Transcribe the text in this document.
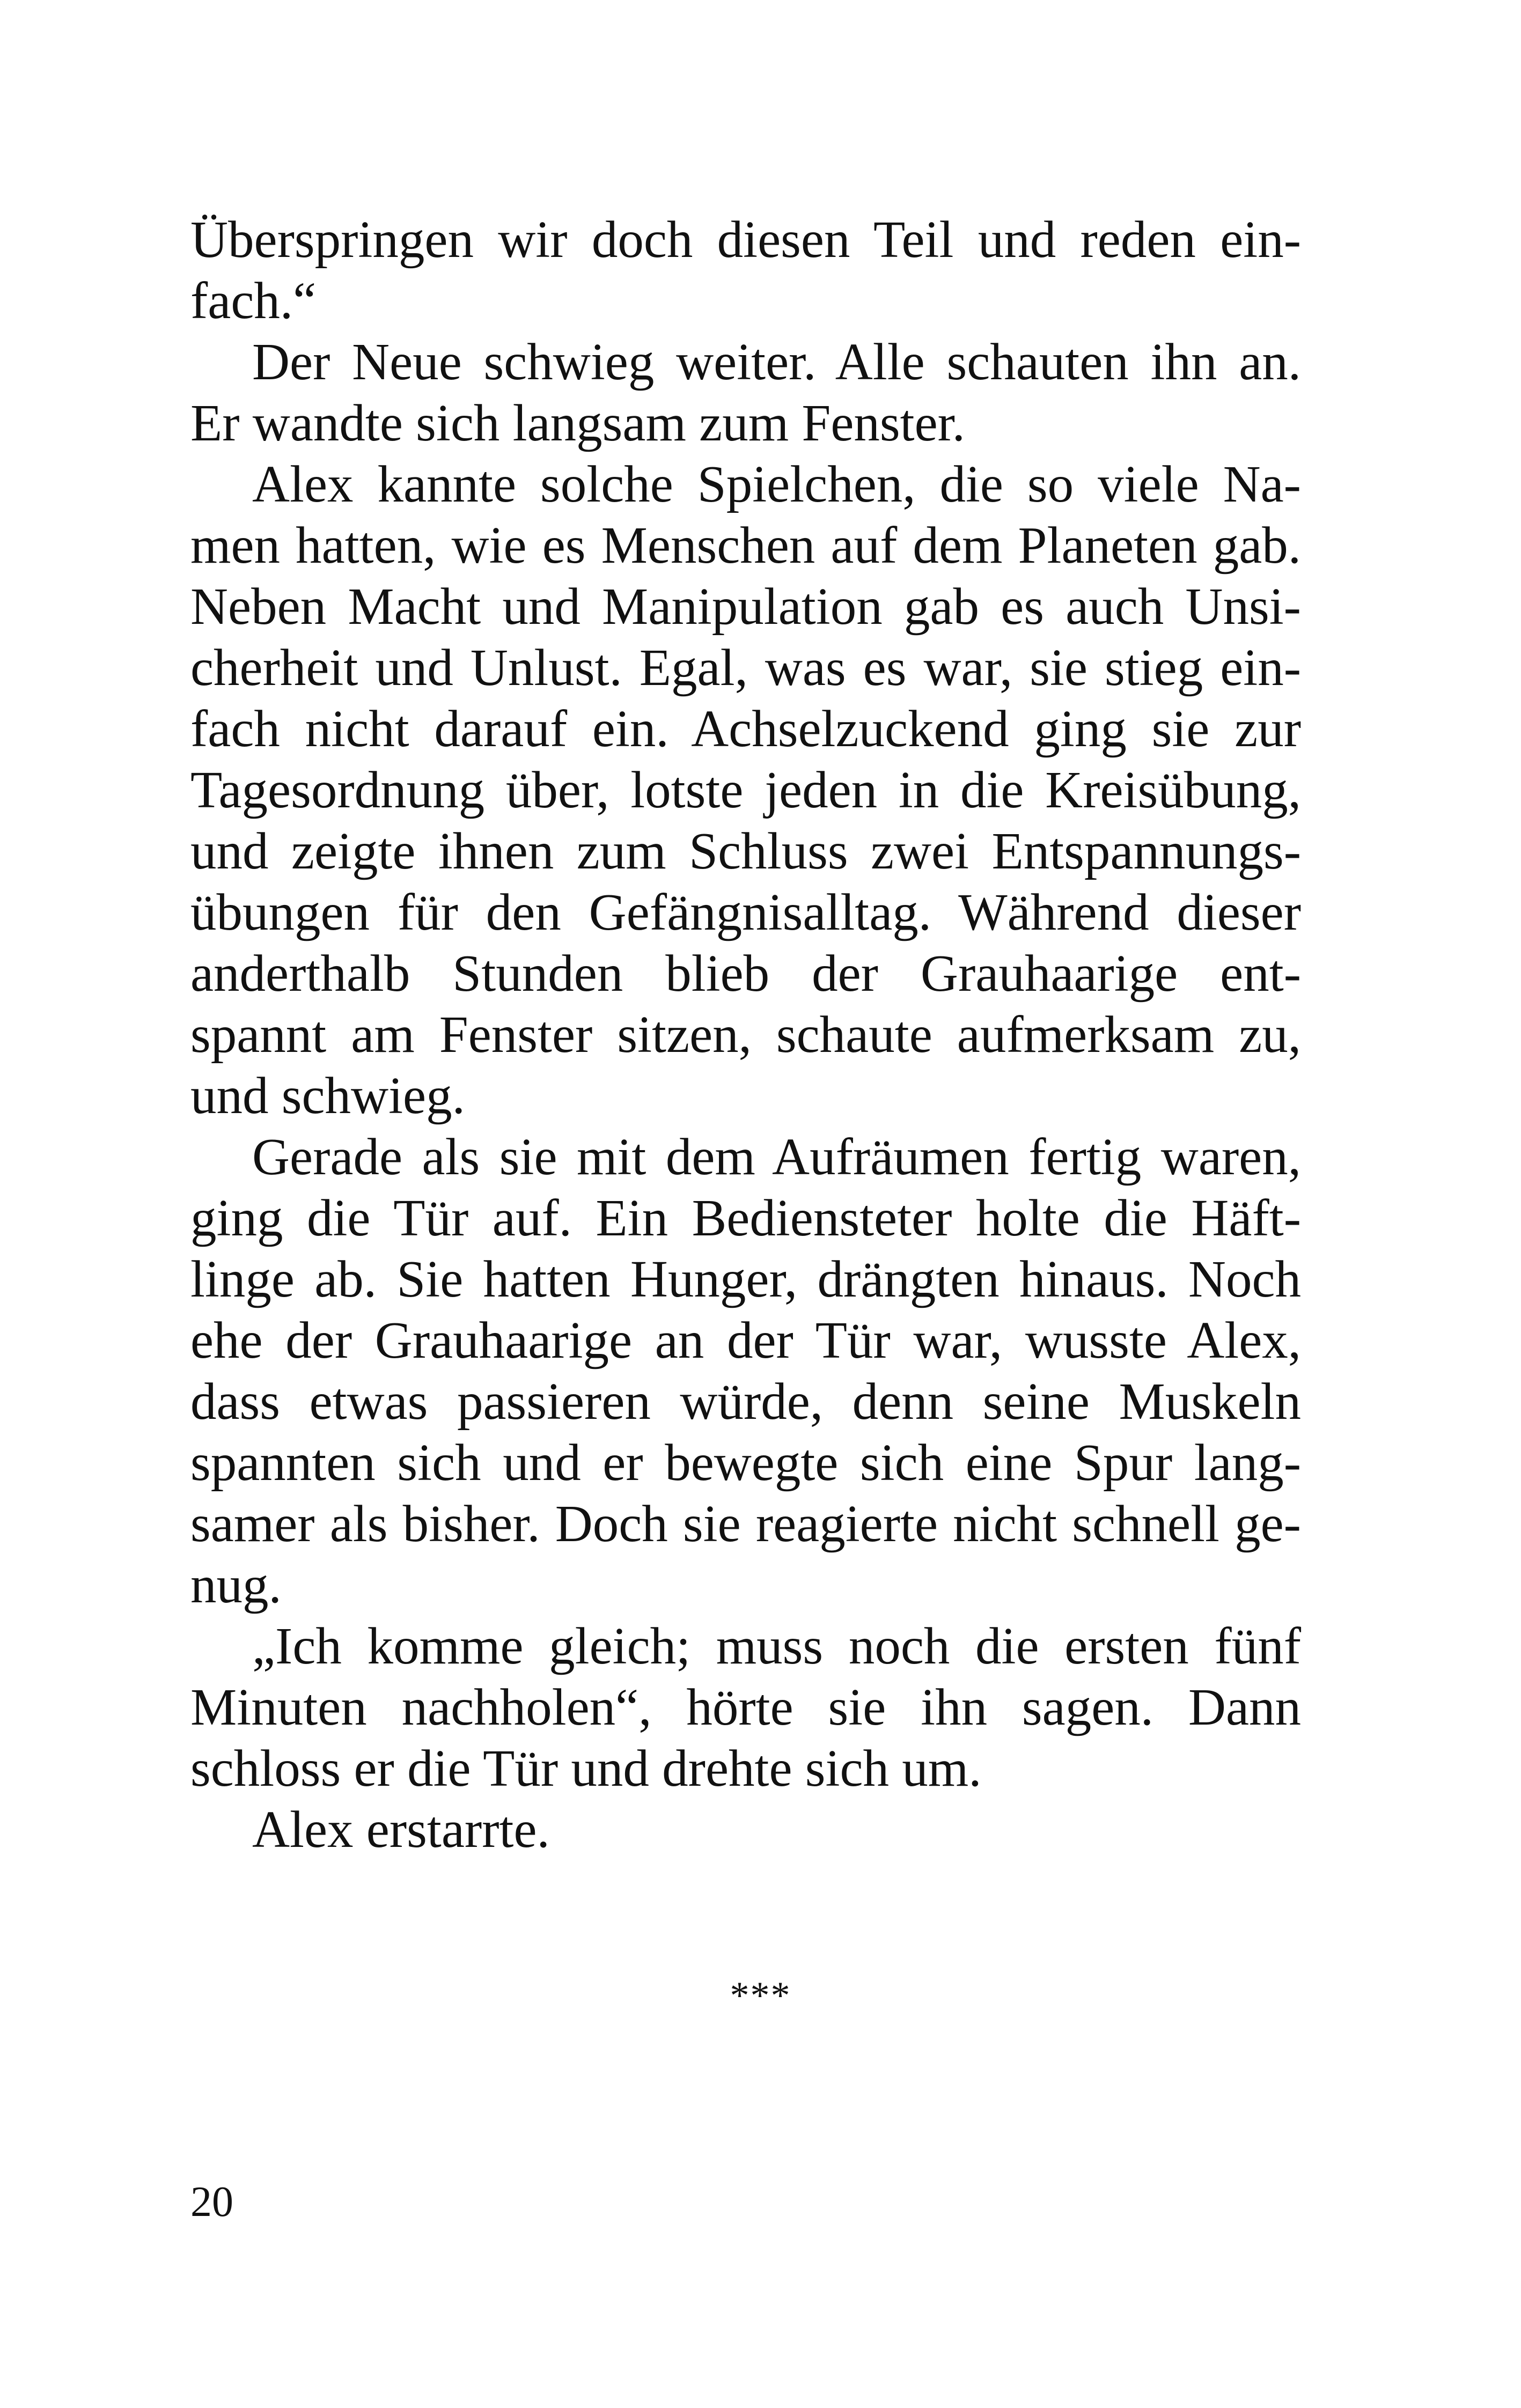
Überspringen wir doch diesen Teil und reden ein-
fach.“
Der Neue schwieg weiter. Alle schauten ihn an.
Er wandte sich langsam zum Fenster.
Alex kannte solche Spielchen, die so viele Na-
men hatten, wie es Menschen auf dem Planeten gab.
Neben Macht und Manipulation gab es auch Unsi-
cherheit und Unlust. Egal, was es war, sie stieg ein-
fach nicht darauf ein. Achselzuckend ging sie zur
Tagesordnung über, lotste jeden in die Kreisübung,
und zeigte ihnen zum Schluss zwei Entspannungs-
übungen für den Gefängnisalltag. Während dieser
anderthalb Stunden blieb der Grauhaarige ent-
spannt am Fenster sitzen, schaute aufmerksam zu,
und schwieg.
Gerade als sie mit dem Aufräumen fertig waren,
ging die Tür auf. Ein Bediensteter holte die Häft-
linge ab. Sie hatten Hunger, drängten hinaus. Noch
ehe der Grauhaarige an der Tür war, wusste Alex,
dass etwas passieren würde, denn seine Muskeln
spannten sich und er bewegte sich eine Spur lang-
samer als bisher. Doch sie reagierte nicht schnell ge-
nug.
„Ich komme gleich; muss noch die ersten fünf
Minuten nachholen“, hörte sie ihn sagen. Dann
schloss er die Tür und drehte sich um.
Alex erstarrte.
***
20
